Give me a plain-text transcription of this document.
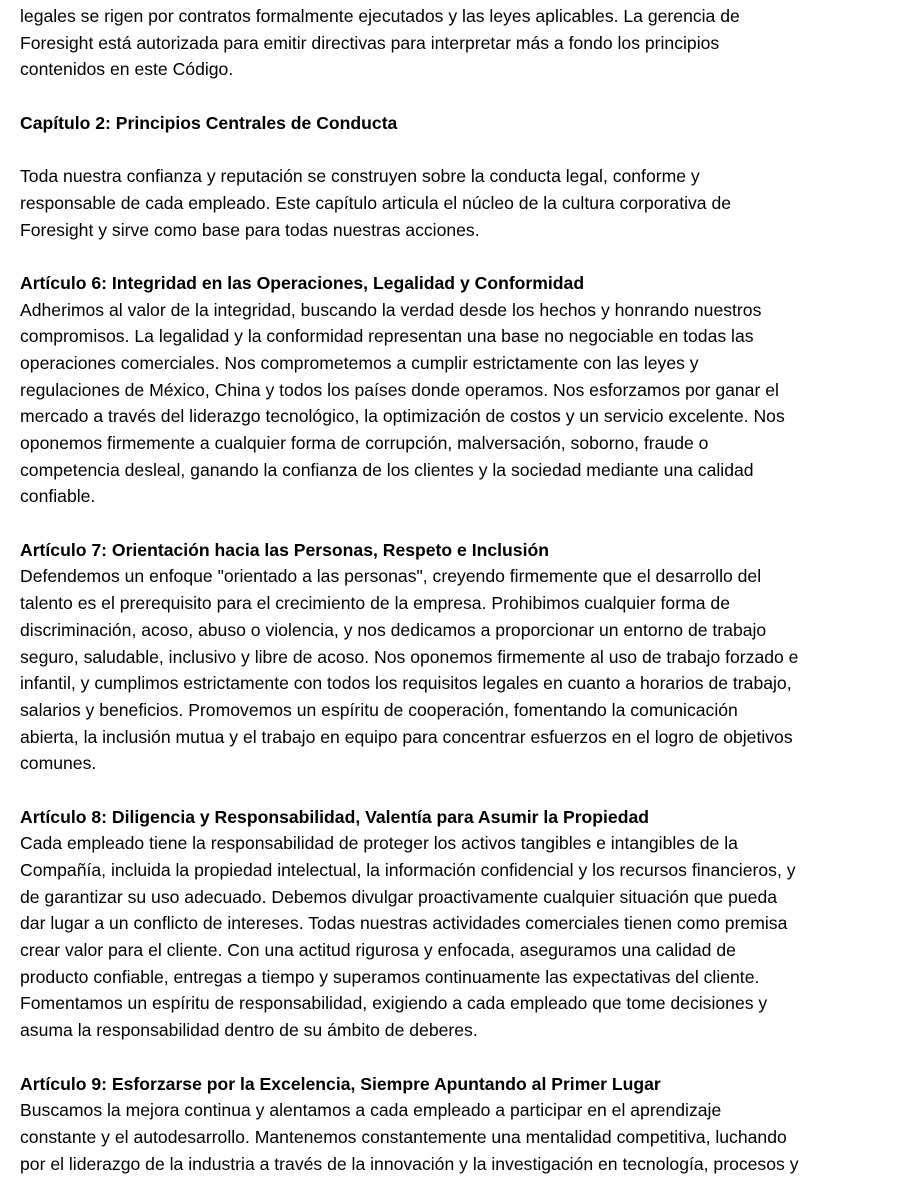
legales se rigen por contratos formalmente ejecutados y las leyes aplicables. La gerencia de
Foresight está autorizada para emitir directivas para interpretar más a fondo los principios
contenidos en este Código.
Capítulo 2: Principios Centrales de Conducta
Toda nuestra confianza y reputación se construyen sobre la conducta legal, conforme y
responsable de cada empleado. Este capítulo articula el núcleo de la cultura corporativa de
Foresight y sirve como base para todas nuestras acciones.
Artículo 6: Integridad en las Operaciones, Legalidad y Conformidad
Adherimos al valor de la integridad, buscando la verdad desde los hechos y honrando nuestros
compromisos. La legalidad y la conformidad representan una base no negociable en todas las
operaciones comerciales. Nos comprometemos a cumplir estrictamente con las leyes y
regulaciones de México, China y todos los países donde operamos. Nos esforzamos por ganar el
mercado a través del liderazgo tecnológico, la optimización de costos y un servicio excelente. Nos
oponemos firmemente a cualquier forma de corrupción, malversación, soborno, fraude o
competencia desleal, ganando la confianza de los clientes y la sociedad mediante una calidad
confiable.
Artículo 7: Orientación hacia las Personas, Respeto e Inclusión
Defendemos un enfoque "orientado a las personas", creyendo firmemente que el desarrollo del
talento es el prerequisito para el crecimiento de la empresa. Prohibimos cualquier forma de
discriminación, acoso, abuso o violencia, y nos dedicamos a proporcionar un entorno de trabajo
seguro, saludable, inclusivo y libre de acoso. Nos oponemos firmemente al uso de trabajo forzado e
infantil, y cumplimos estrictamente con todos los requisitos legales en cuanto a horarios de trabajo,
salarios y beneficios. Promovemos un espíritu de cooperación, fomentando la comunicación
abierta, la inclusión mutua y el trabajo en equipo para concentrar esfuerzos en el logro de objetivos
comunes.
Artículo 8: Diligencia y Responsabilidad, Valentía para Asumir la Propiedad
Cada empleado tiene la responsabilidad de proteger los activos tangibles e intangibles de la
Compañía, incluida la propiedad intelectual, la información confidencial y los recursos financieros, y
de garantizar su uso adecuado. Debemos divulgar proactivamente cualquier situación que pueda
dar lugar a un conflicto de intereses. Todas nuestras actividades comerciales tienen como premisa
crear valor para el cliente. Con una actitud rigurosa y enfocada, aseguramos una calidad de
producto confiable, entregas a tiempo y superamos continuamente las expectativas del cliente.
Fomentamos un espíritu de responsabilidad, exigiendo a cada empleado que tome decisiones y
asuma la responsabilidad dentro de su ámbito de deberes.
Artículo 9: Esforzarse por la Excelencia, Siempre Apuntando al Primer Lugar
Buscamos la mejora continua y alentamos a cada empleado a participar en el aprendizaje
constante y el autodesarrollo. Mantenemos constantemente una mentalidad competitiva, luchando
por el liderazgo de la industria a través de la innovación y la investigación en tecnología, procesos y
